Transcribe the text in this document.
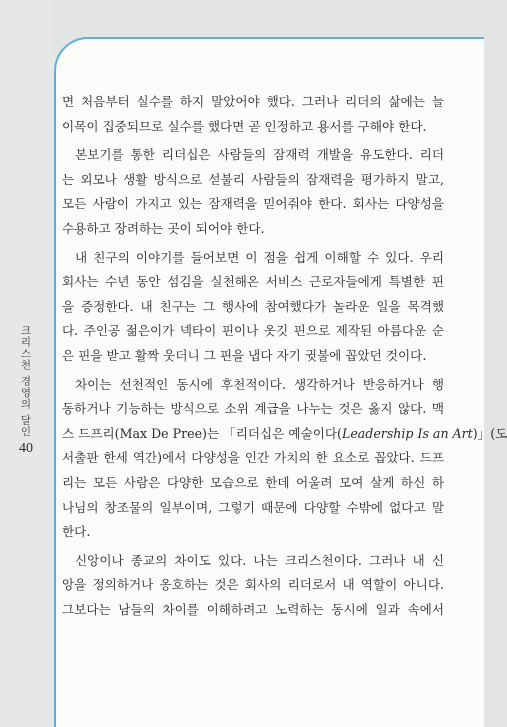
크리스천 경영의 달인
40

면 처음부터 실수를 하지 말았어야 했다. 그러나 리더의 삶에는 늘
이목이 집중되므로 실수를 했다면 곧 인정하고 용서를 구해야 한다.

본보기를 통한 리더십은 사람들의 잠재력 개발을 유도한다. 리더
는 외모나 생활 방식으로 섣불리 사람들의 잠재력을 평가하지 말고,
모든 사람이 가지고 있는 잠재력을 믿어줘야 한다. 회사는 다양성을
수용하고 장려하는 곳이 되어야 한다.

내 친구의 이야기를 들어보면 이 점을 쉽게 이해할 수 있다. 우리
회사는 수년 동안 섬김을 실천해온 서비스 근로자들에게 특별한 핀
을 증정한다. 내 친구는 그 행사에 참여했다가 놀라운 일을 목격했
다. 주인공 젊은이가 넥타이 핀이나 옷깃 핀으로 제작된 아름다운 순
은 핀을 받고 활짝 웃더니 그 핀을 냅다 자기 귓불에 꼽았던 것이다.

차이는 선천적인 동시에 후천적이다. 생각하거나 반응하거나 행
동하거나 기능하는 방식으로 소위 계급을 나누는 것은 옳지 않다. 맥
스 드프리(Max De Pree)는 「리더십은 예술이다(Leadership Is an Art)」(도
서출판 한세 역간)에서 다양성을 인간 가치의 한 요소로 꼽았다. 드프
리는 모든 사람은 다양한 모습으로 한데 어울려 모여 살게 하신 하
나님의 창조물의 일부이며, 그렇기 때문에 다양할 수밖에 없다고 말
한다.

신앙이나 종교의 차이도 있다. 나는 크리스천이다. 그러나 내 신
앙을 정의하거나 옹호하는 것은 회사의 리더로서 내 역할이 아니다.
그보다는 남들의 차이를 이해하려고 노력하는 동시에 일과 속에서
